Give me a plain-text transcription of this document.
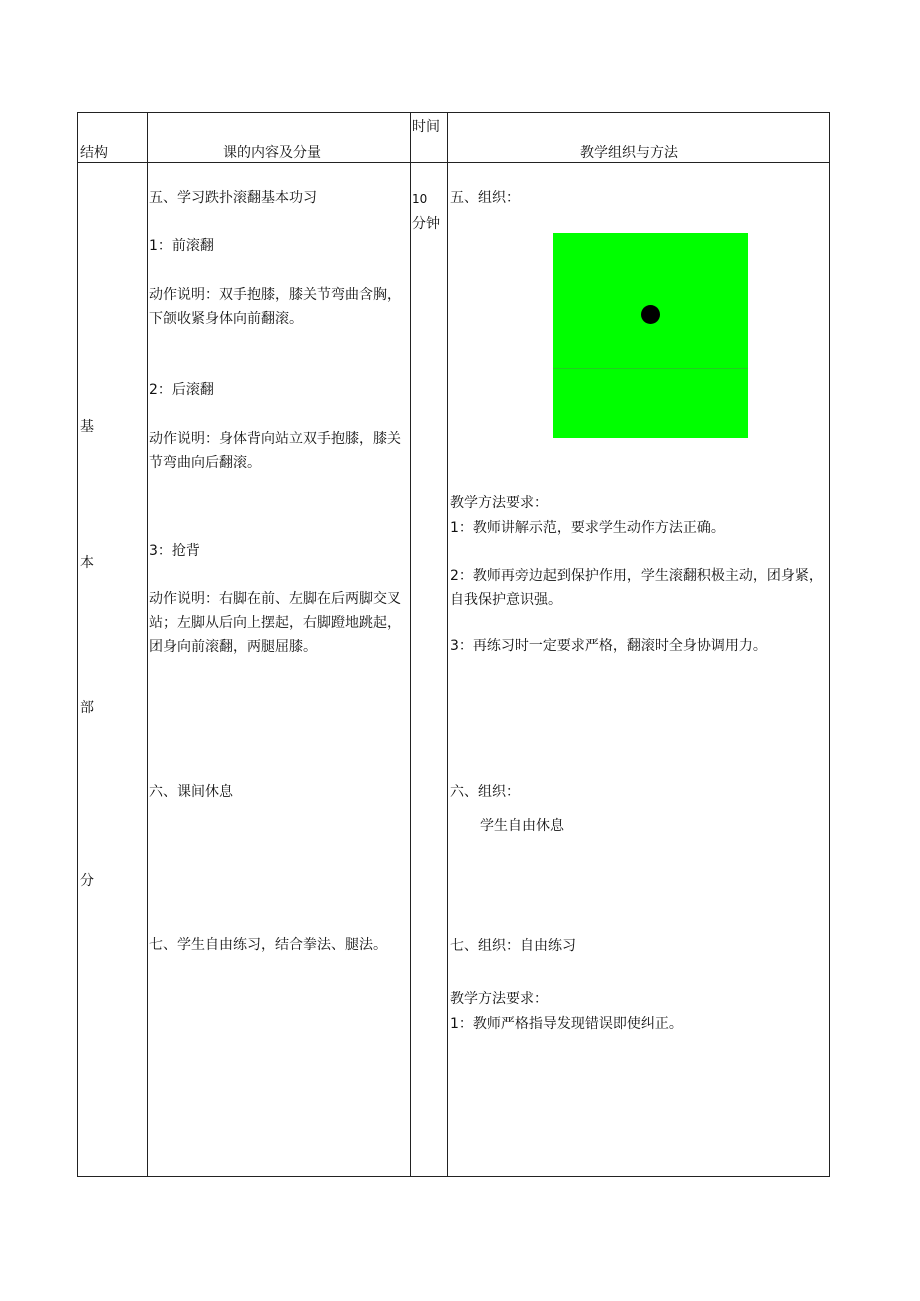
结构	课的内容及分量
时间
教学组织与方法
基
本
部
分
10
分钟
五、学习跌扑滚翻基本功习
1：前滚翻
动作说明：双手抱膝，膝关节弯曲含胸，下颌收紧身体向前翻滚。
2：后滚翻
动作说明：身体背向站立双手抱膝，膝关节弯曲向后翻滚。
3：抢背
动作说明：右脚在前、左脚在后两脚交叉站；左脚从后向上摆起，右脚蹬地跳起，团身向前滚翻，两腿屈膝。
六、课间休息
七、学生自由练习，结合拳法、腿法。
五、组织：
教学方法要求：
1：教师讲解示范，要求学生动作方法正确。
2：教师再旁边起到保护作用，学生滚翻积极主动，团身紧，自我保护意识强。
3：再练习时一定要求严格，翻滚时全身协调用力。
六、组织：
学生自由休息
七、组织：自由练习
教学方法要求：
1：教师严格指导发现错误即使纠正。
